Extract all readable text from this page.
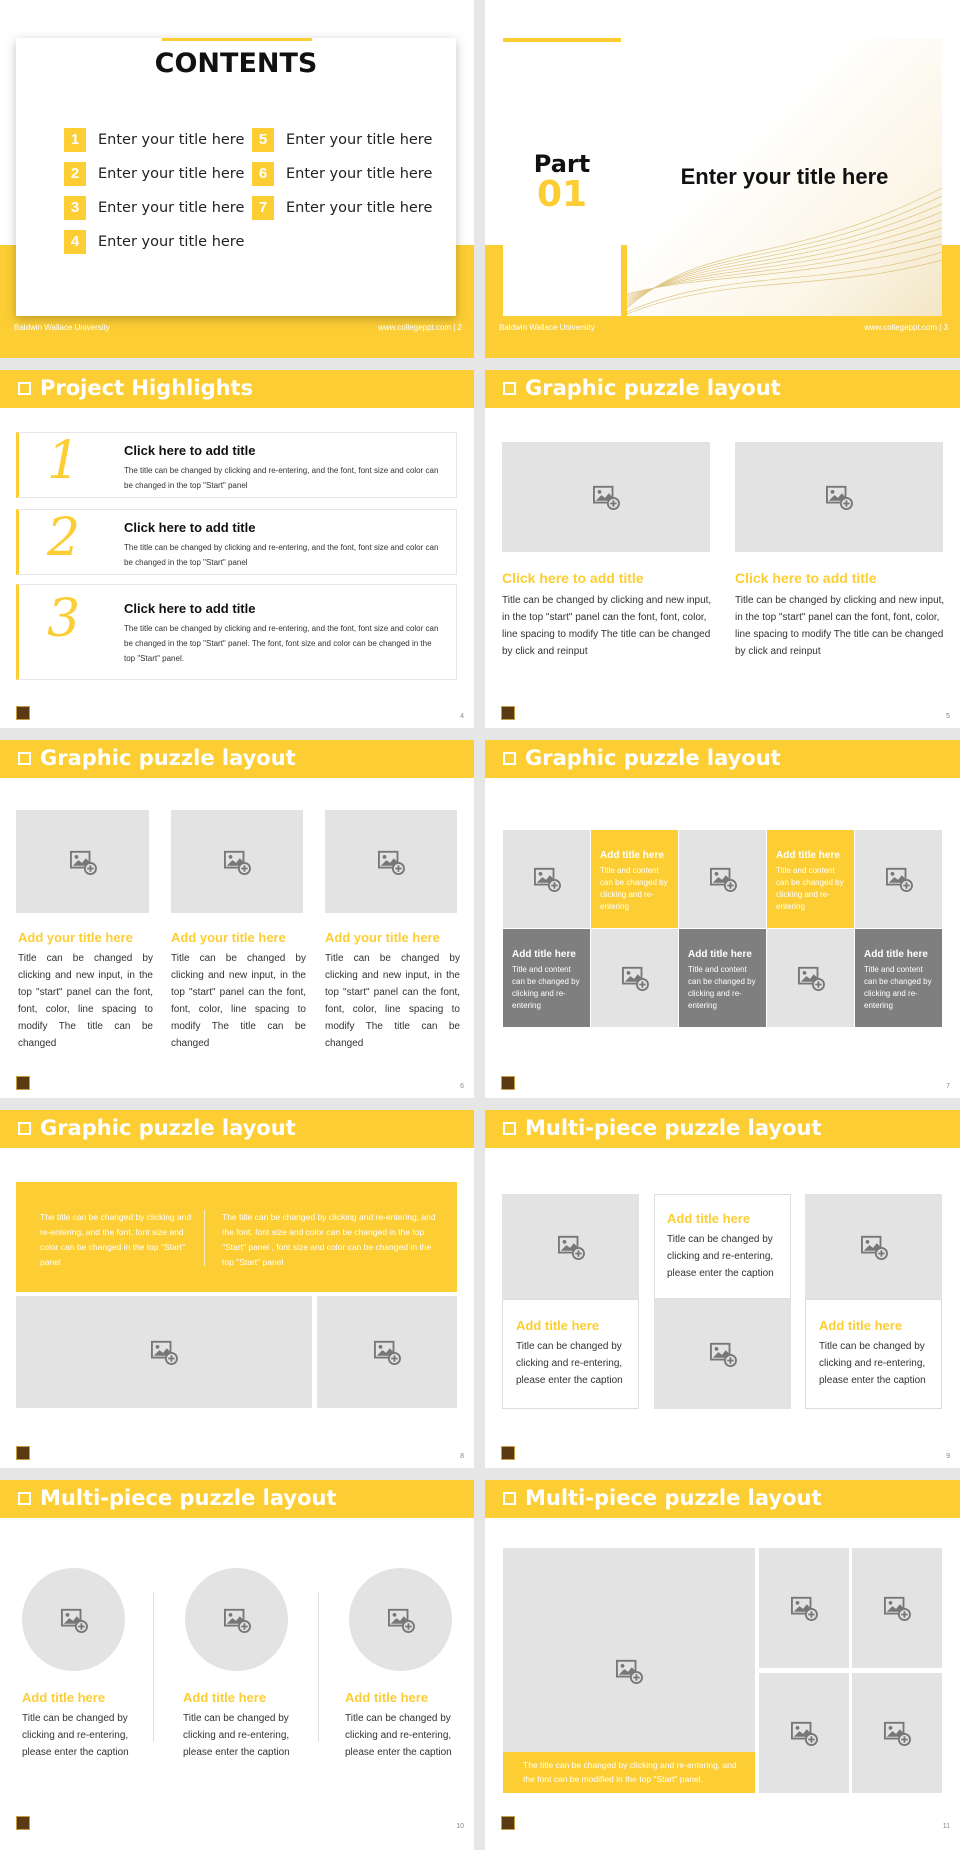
CONTENTS
1	Enter your title here
2	Enter your title here
3	Enter your title here
4	Enter your title here
5	Enter your title here
6	Enter your title here
7	Enter your title here
Baldwin Wallace University	www.collegeppt.com | 2
Part
01	Enter your title here
Baldwin Wallace University	www.collegeppt.com | 3
Project Highlights
1	Click here to add title
The title can be changed by clicking and re-entering, and the font, font size and color can be changed in the top "Start" panel
2	Click here to add title
The title can be changed by clicking and re-entering, and the font, font size and color can be changed in the top "Start" panel
3	Click here to add title
The title can be changed by clicking and re-entering, and the font, font size and color can be changed in the top "Start" panel. The font, font size and color can be changed in the top "Start" panel.
4
Graphic puzzle layout
Click here to add title
Title can be changed by clicking and new input, in the top "start" panel can the font, font, color, line spacing to modify The title can be changed by click and reinput
Click here to add title
Title can be changed by clicking and new input, in the top "start" panel can the font, font, color, line spacing to modify The title can be changed by click and reinput
5
Graphic puzzle layout
Add your title here
Title can be changed by clicking and new input, in the top "start" panel can the font, font, color, line spacing to modify The title can be changed
Add your title here
Title can be changed by clicking and new input, in the top "start" panel can the font, font, color, line spacing to modify The title can be changed
Add your title here
Title can be changed by clicking and new input, in the top "start" panel can the font, font, color, line spacing to modify The title can be changed
6
Graphic puzzle layout
Add title here
Title and content can be changed by clicking and re-entering
Add title here
Title and content can be changed by clicking and re-entering
Add title here
Title and content can be changed by clicking and re-entering
Add title here
Title and content can be changed by clicking and re-entering
Add title here
Title and content can be changed by clicking and re-entering
7
Graphic puzzle layout
The title can be changed by clicking and re-entering, and the font, font size and color can be changed in the top "Start" panel
The title can be changed by clicking and re-entering, and the font, font size and color can be changed in the top "Start" panel , font size and color can be changed in the top "Start" panel
8
Multi-piece puzzle layout
Add title here
Title can be changed by clicking and re-entering, please enter the caption
Add title here
Title can be changed by clicking and re-entering, please enter the caption
Add title here
Title can be changed by clicking and re-entering, please enter the caption
9
Multi-piece puzzle layout
Add title here
Title can be changed by clicking and re-entering, please enter the caption
Add title here
Title can be changed by clicking and re-entering, please enter the caption
Add title here
Title can be changed by clicking and re-entering, please enter the caption
10
Multi-piece puzzle layout
The title can be changed by clicking and re-entering, and the font can be modified in the top "Start" panel.
11
